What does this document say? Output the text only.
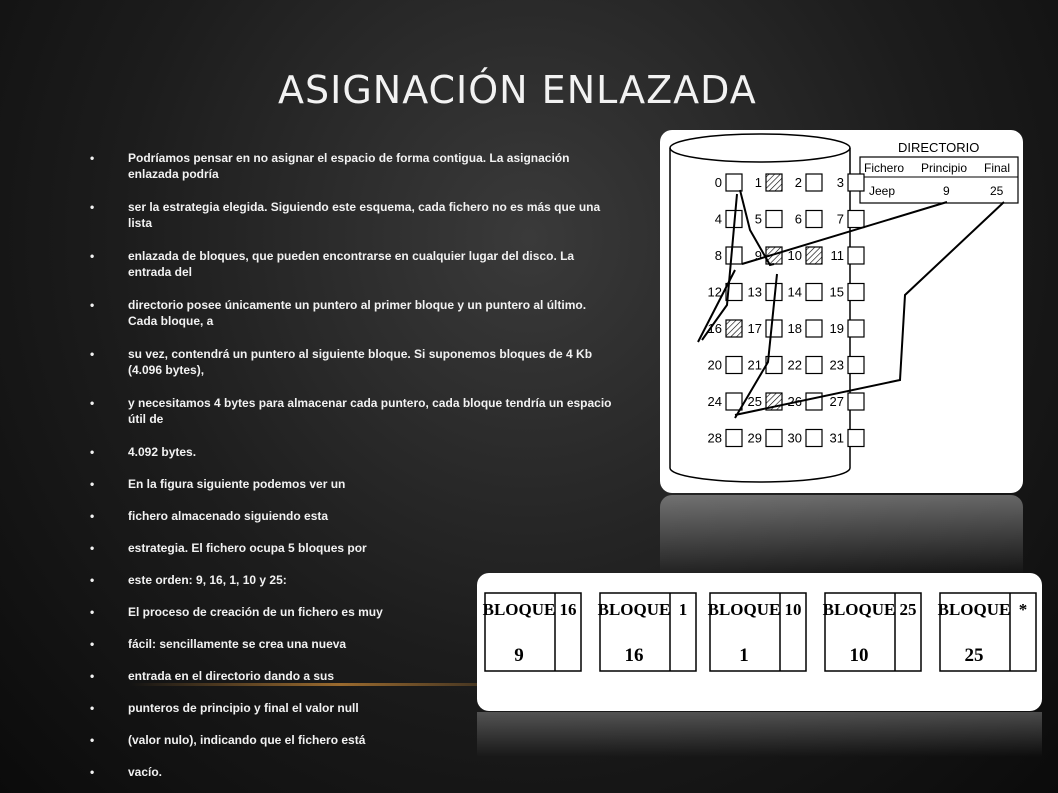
ASIGNACIÓN ENLAZADA
• Podríamos pensar en no asignar el espacio de forma contigua. La asignación enlazada podría
• ser la estrategia elegida. Siguiendo este esquema, cada fichero no es más que una lista
• enlazada de bloques, que pueden encontrarse en cualquier lugar del disco. La entrada del
• directorio posee únicamente un puntero al primer bloque y un puntero al último. Cada bloque, a
• su vez, contendrá un puntero al siguiente bloque. Si suponemos bloques de 4 Kb (4.096 bytes),
• y necesitamos 4 bytes para almacenar cada puntero, cada bloque tendría un espacio útil de
• 4.092 bytes.
• En la figura siguiente podemos ver un
• fichero almacenado siguiendo esta
• estrategia. El fichero ocupa 5 bloques por
• este orden: 9, 16, 1, 10 y 25:
• El proceso de creación de un fichero es muy
• fácil: sencillamente se crea una nueva
• entrada en el directorio dando a sus
• punteros de principio y final el valor null
• (valor nulo), indicando que el fichero está
• vacío.
DIRECTORIO
Fichero Principio Final
Jeep	9	25
0	1	2	3
4	5	6	7
8	9 10 11
12 13 14 15
16 17 18 19
20 21 22 23
24 25 26 27
28 29 30 31
BLOQUE
9
16 BLOQUE
16
1 BLOQUE
1
10 BLOQUE
10
25 BLOQUE
25
*
